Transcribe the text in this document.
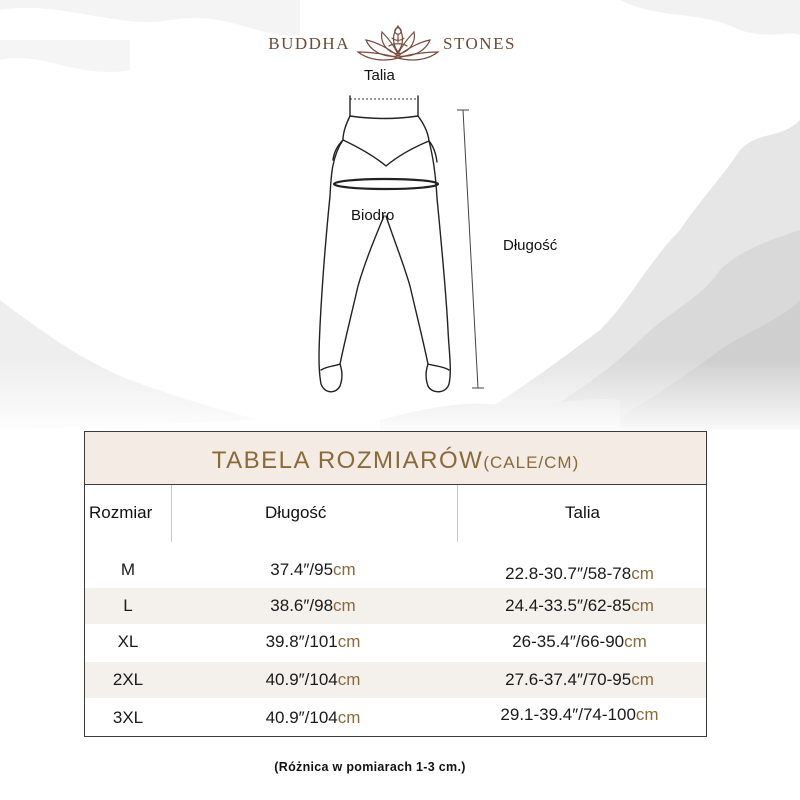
BUDDHA	STONES
Talia
Biodro
Długość
TABELA ROZMIARÓW(CALE/CM)
Rozmiar	Długość	Talia
M	37.4″/95cm	22.8-30.7″/58-78cm
L	38.6″/98cm	24.4-33.5″/62-85cm
XL	39.8″/101cm	26-35.4″/66-90cm
2XL	40.9″/104cm	27.6-37.4″/70-95cm
3XL	40.9″/104cm	29.1-39.4″/74-100cm
(Różnica w pomiarach 1-3 cm.)
